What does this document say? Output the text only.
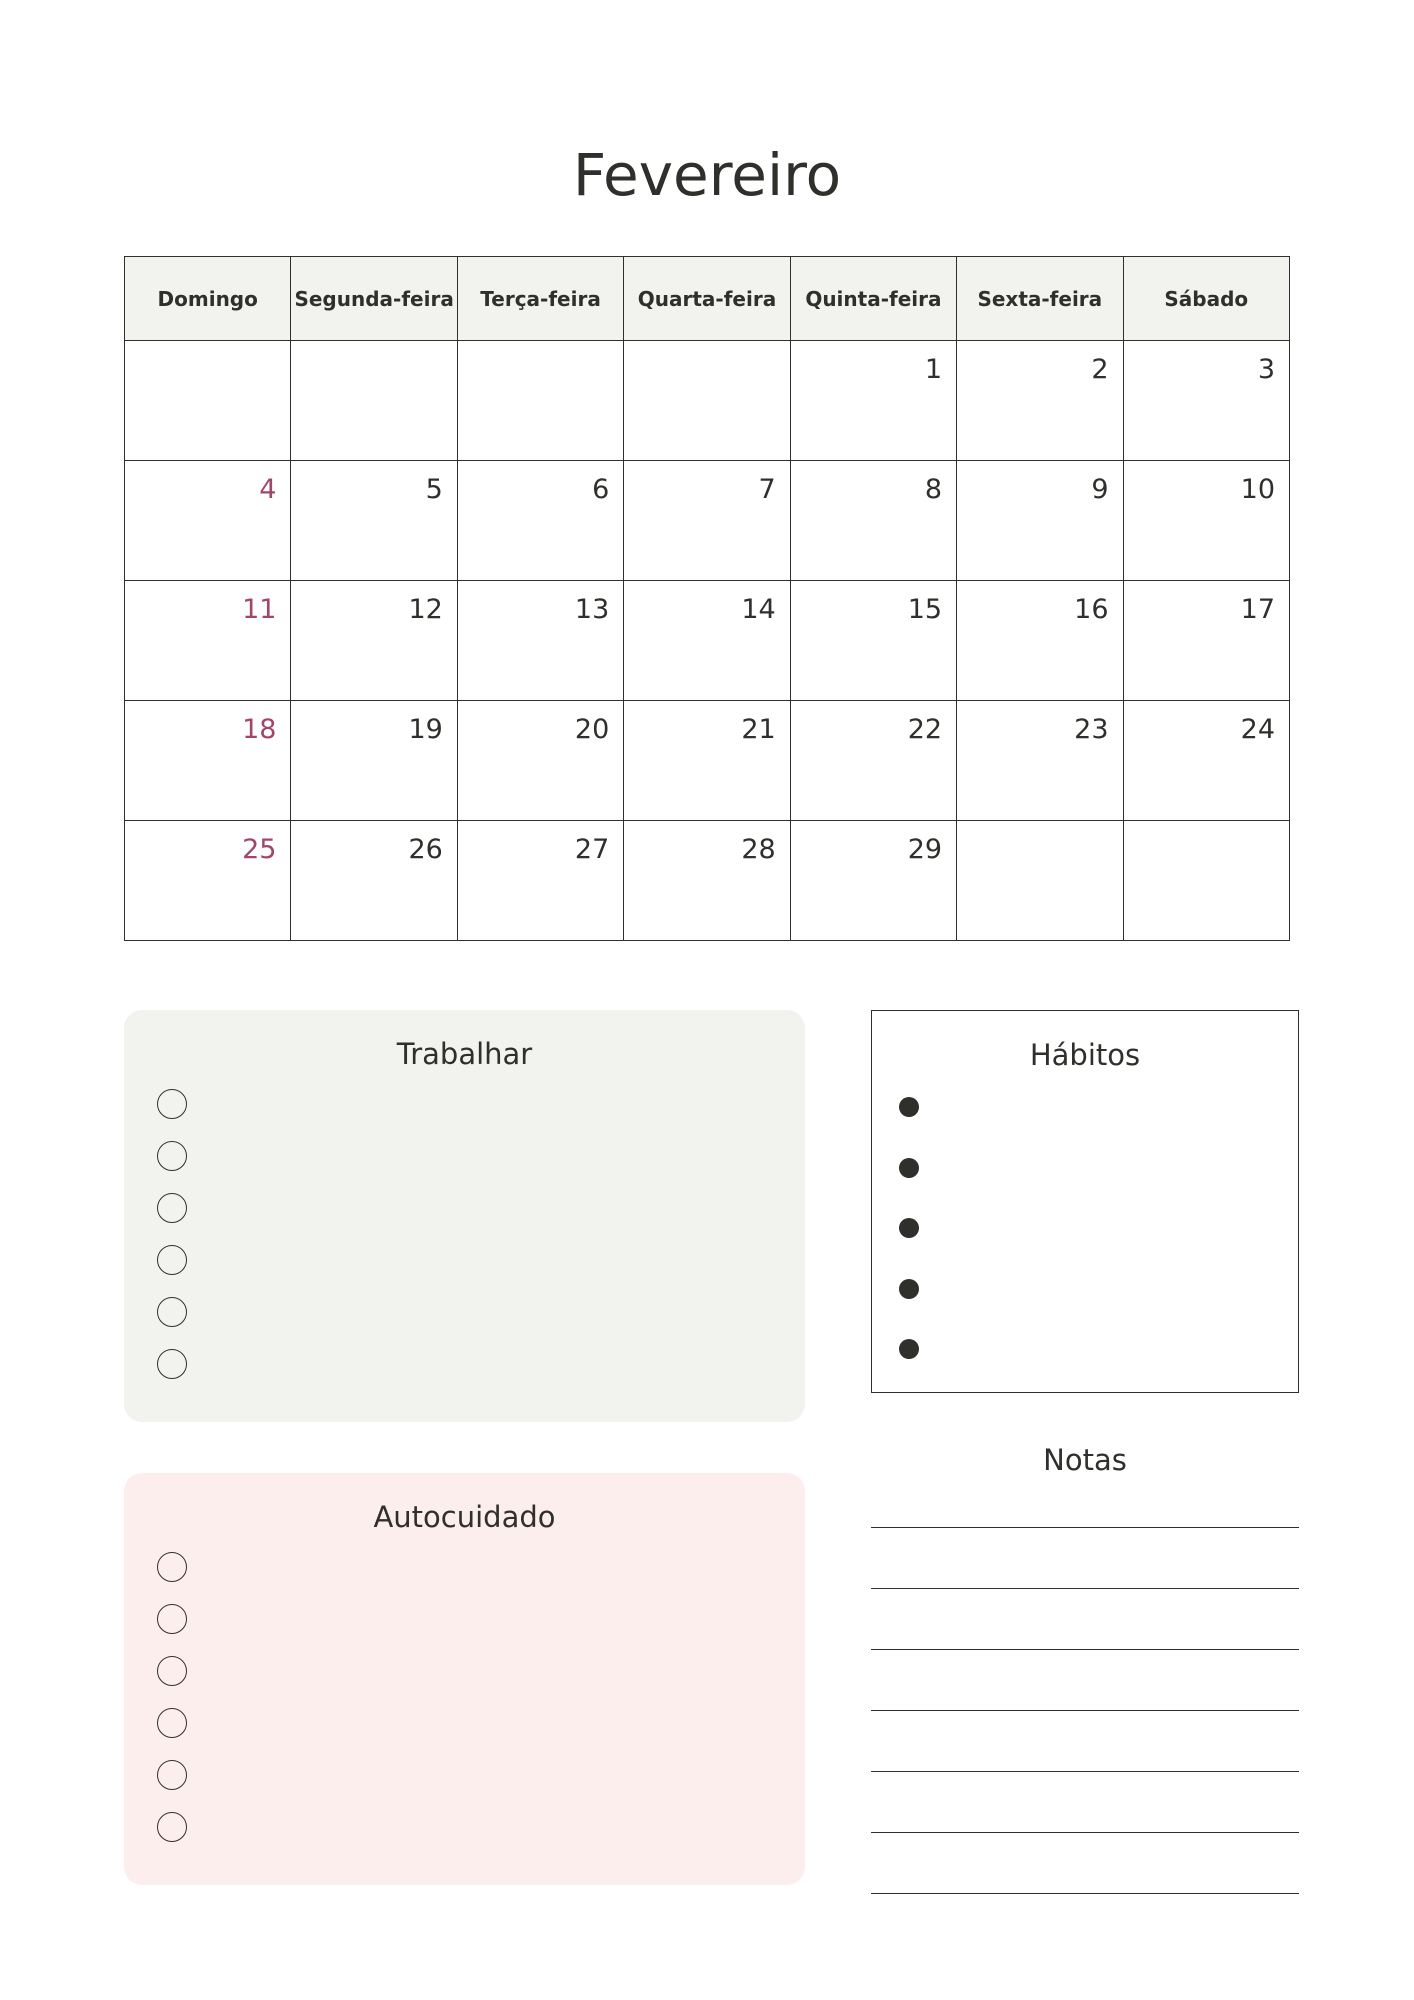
Fevereiro
Domingo	Segunda-feira	Terça-feira	Quarta-feira	Quinta-feira	Sexta-feira	Sábado

				1	2	3

4	5	6	7	8	9	10

11	12	13	14	15	16	17

18	19	20	21	22	23	24

25	26	27	28	29		

Trabalhar
Autocuidado
Hábitos
Notas
